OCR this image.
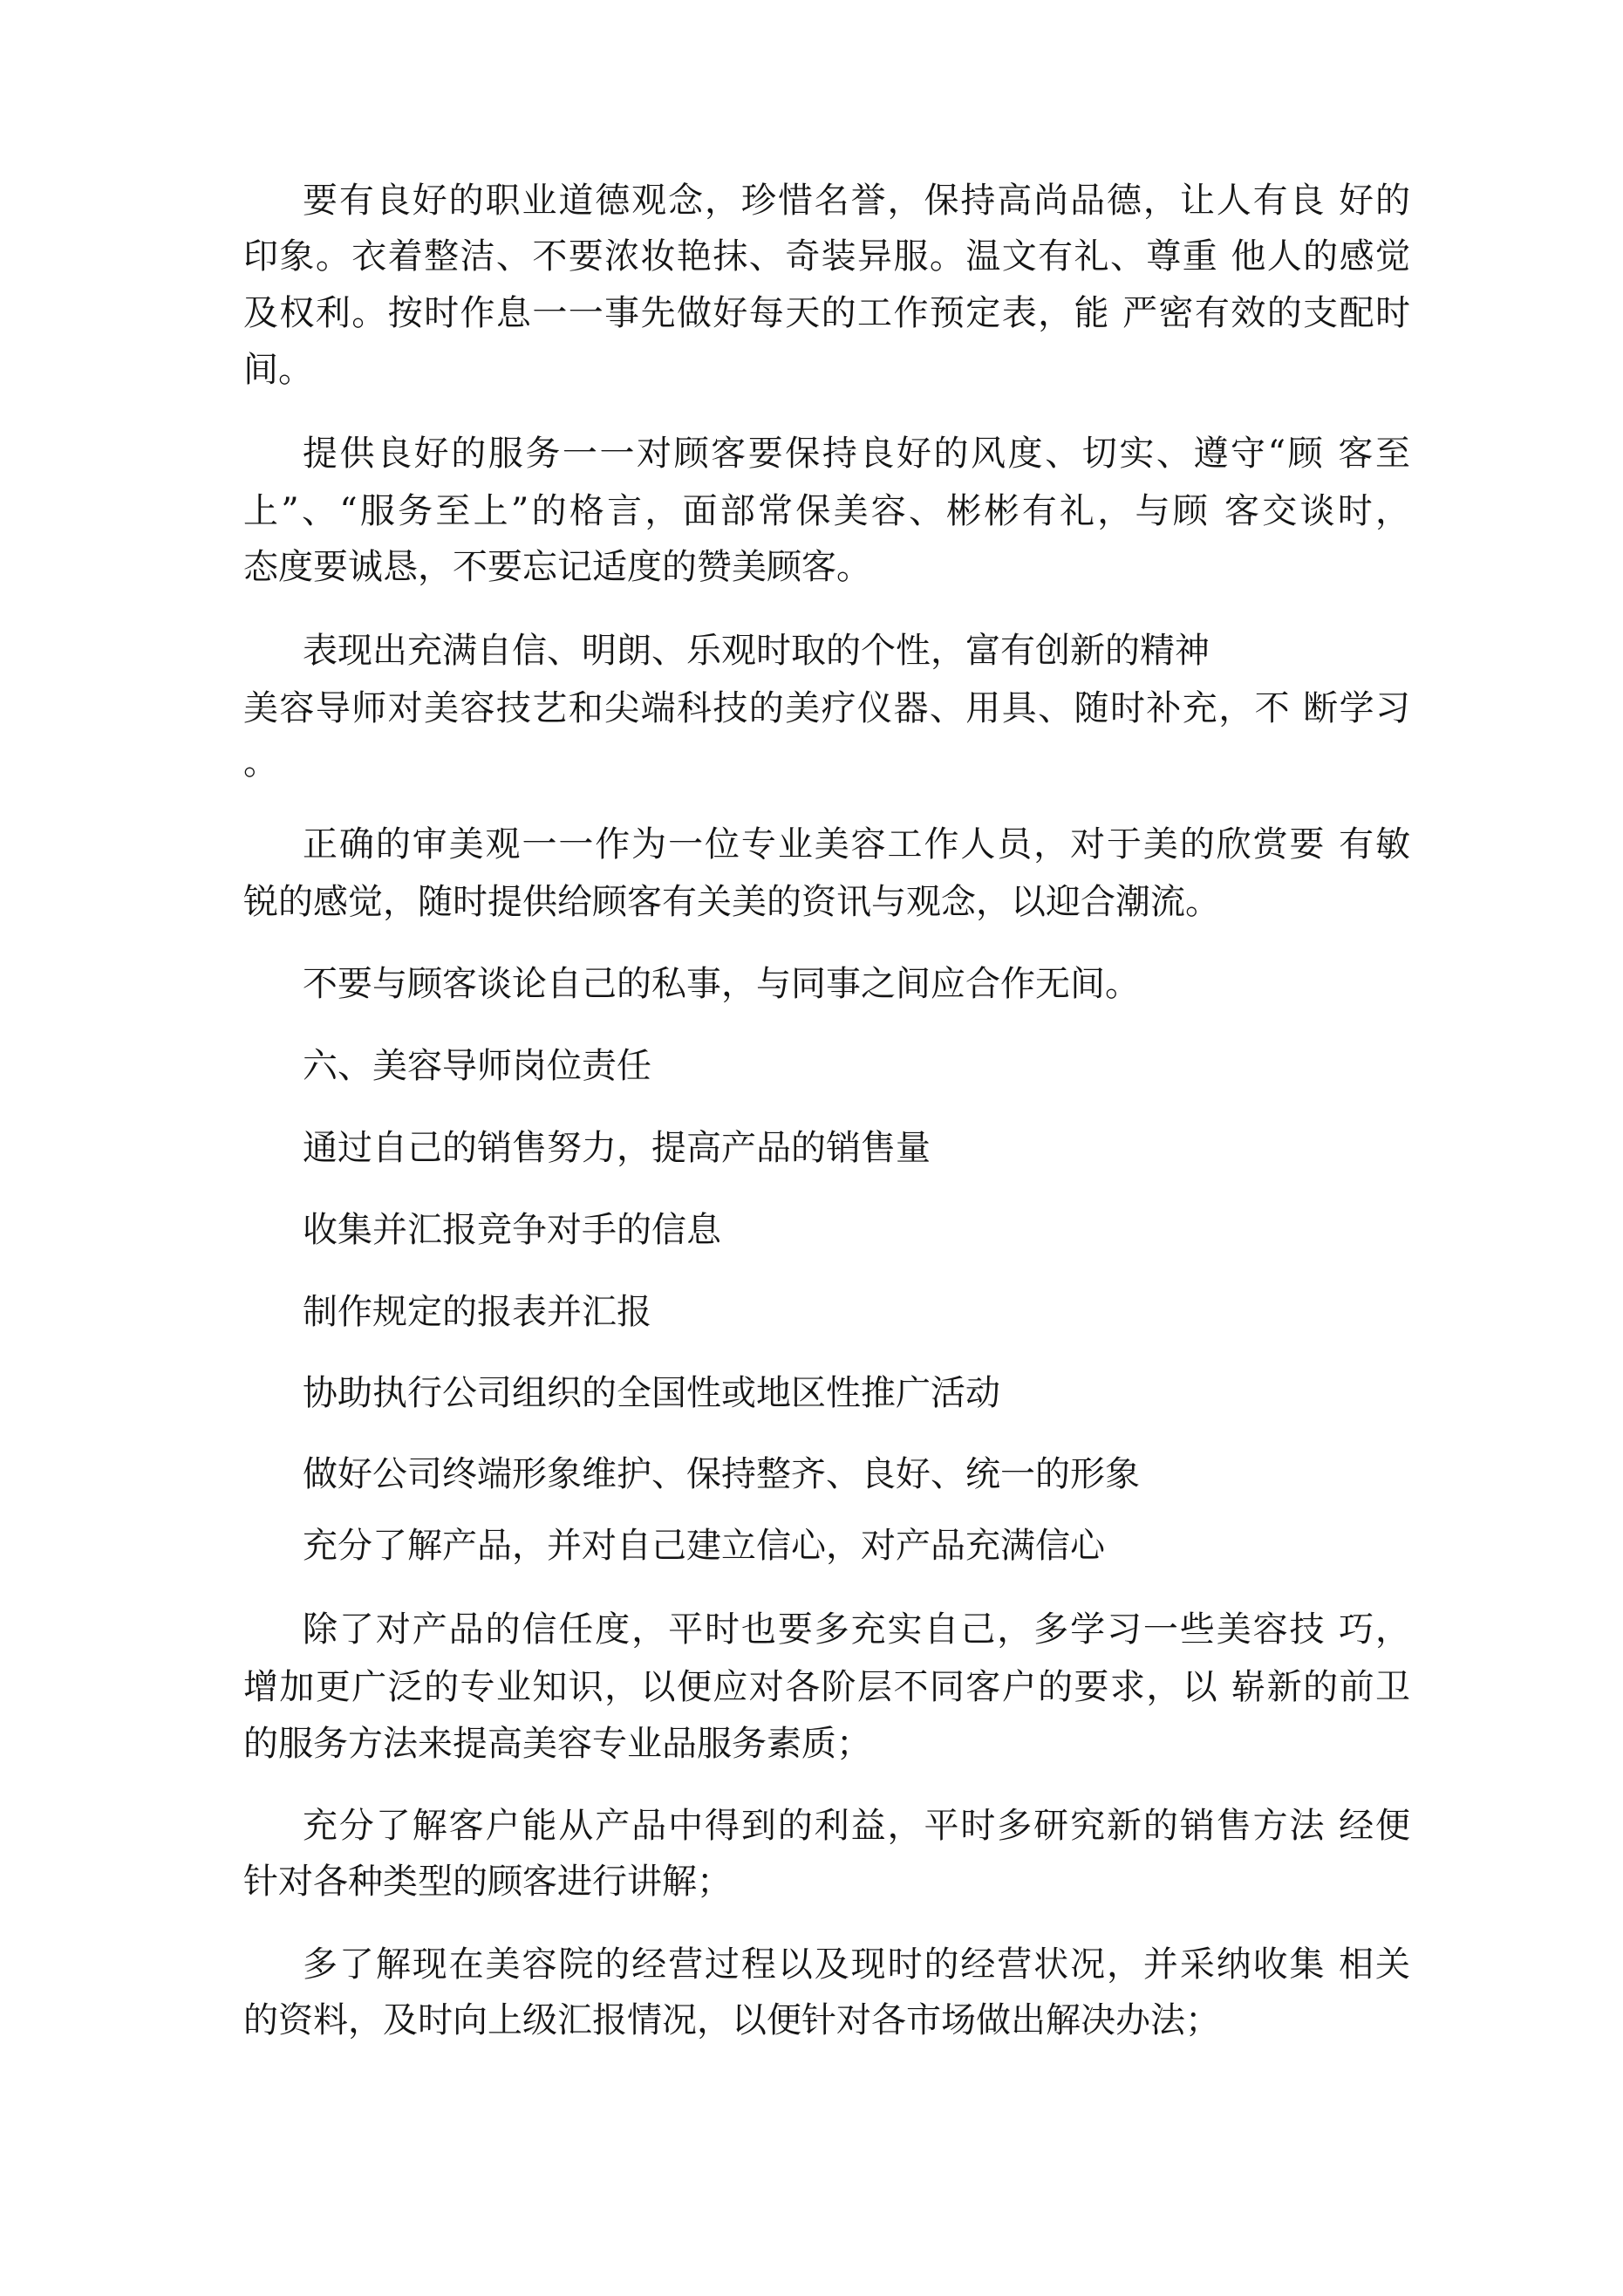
要有良好的职业道德观念，珍惜名誉，保持高尚品德，让人有良 好的

印象。衣着整洁、不要浓妆艳抹、奇装异服。温文有礼、尊重 他人的感觉

及权利。按时作息一一事先做好每天的工作预定表，能 严密有效的支配时

间。

提供良好的服务一一对顾客要保持良好的风度、切实、遵守“顾 客至

上”、“服务至上”的格言，面部常保美容、彬彬有礼，与顾 客交谈时，

态度要诚恳，不要忘记适度的赞美顾客。

表现出充满自信、明朗、乐观时取的个性，富有创新的精神

美容导师对美容技艺和尖端科技的美疗仪器、用具、随时补充，不 断学习

。

正确的审美观一一作为一位专业美容工作人员，对于美的欣赏要 有敏

锐的感觉，随时提供给顾客有关美的资讯与观念，以迎合潮流。

不要与顾客谈论自己的私事，与同事之间应合作无间。

六、美容导师岗位责任

通过自己的销售努力，提高产品的销售量

收集并汇报竞争对手的信息

制作规定的报表并汇报

协助执行公司组织的全国性或地区性推广活动

做好公司终端形象维护、保持整齐、良好、统一的形象

充分了解产品，并对自己建立信心，对产品充满信心

除了对产品的信任度，平时也要多充实自己，多学习一些美容技 巧，

增加更广泛的专业知识，以便应对各阶层不同客户的要求，以 崭新的前卫

的服务方法来提高美容专业品服务素质；

充分了解客户能从产品中得到的利益，平时多研究新的销售方法 经便

针对各种类型的顾客进行讲解；

多了解现在美容院的经营过程以及现时的经营状况，并采纳收集 相关

的资料，及时向上级汇报情况，以便针对各市场做出解决办法；
